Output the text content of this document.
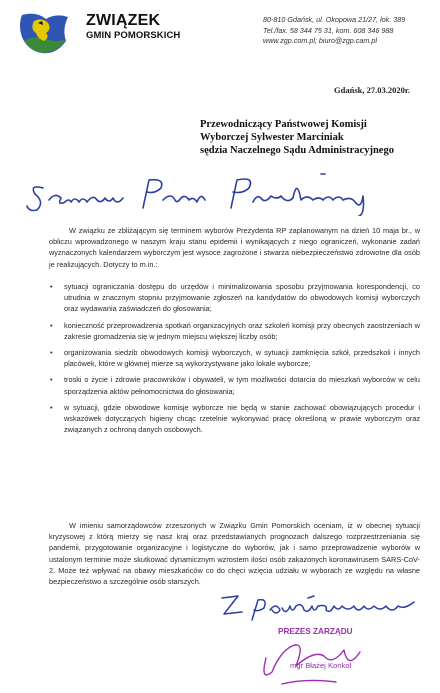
ZWIĄZEK
GMIN POMORSKICH
80-810 Gdańsk, ul. Okopowa 21/27, lok. 389
Tel./fax. 58 344 75 31, kom. 608 346 988
www.zgp.com.pl; biuro@zgp.cam.pl
Gdańsk, 27.03.2020r.
Przewodniczący Państwowej Komisji
Wyborczej Sylwester Marciniak
sędzia Naczelnego Sądu Administracyjnego

W związku ze zbliżającym się terminem wyborów Prezydenta RP zaplanowanym na dzień 10 maja br., w obliczu wprowadzonego w naszym kraju stanu epidemii i wynikających z niego ograniczeń, wykonanie zadań wyznaczonych kalendarzem wyborczym jest wysoce zagrożone i stwarza niebezpieczeństwo zdrowotne dla osób je realizujących. Dotyczy to m.in.:

• sytuacji ograniczania dostępu do urzędów i minimalizowania sposobu przyjmowania korespondencji, co utrudnia w znacznym stopniu przyjmowanie zgłoszeń na kandydatów do obwodowych komisji wyborczych oraz wydawania zaświadczeń do głosowania;
• konieczność przeprowadzenia spotkań organizacyjnych oraz szkoleń komisji przy obecnych zaostrzeniach w zakresie gromadzenia się w jednym miejscu większej liczby osób;
• organizowania siedzib obwodowych komisji wyborczych, w sytuacji zamknięcia szkół, przedszkoli i innych placówek, które w głównej mierze są wykorzystywane jako lokale wyborcze;
• troski o życie i zdrowie pracowników i obywateli, w tym możliwości dotarcia do mieszkań wyborców w celu sporządzenia aktów pełnomocnictwa do głosowania;
• w sytuacji, gdzie obwodowe komisje wyborcze nie będą w stanie zachować obowiązujących procedur i wskazówek dotyczących higieny chcąc rzetelnie wykonywać pracę określoną w prawie wyborczym oraz związanych z ochroną danych osobowych.

W imieniu samorządowców zrzeszonych w Związku Gmin Pomorskich oceniam, iż w obecnej sytuacji kryzysowej z którą mierzy się nasz kraj oraz przedstawianych prognozach dalszego rozprzestrzeniania się pandemii, przygotowanie organizacyjne i logistyczne do wyborów, jak i samo przeprowadzenie wyborów w ustalonym terminie może skutkować dynamicznym wzrostem ilości osób zakażonych koronawirusem SARS-CoV-2. Może też wpływać na obawy mieszkańców co do chęci wzięcia udziału w wyborach ze względu na własne bezpieczeństwo a szczególnie osób starszych.

PREZES ZARZĄDU
mgr Błażej Konkol
